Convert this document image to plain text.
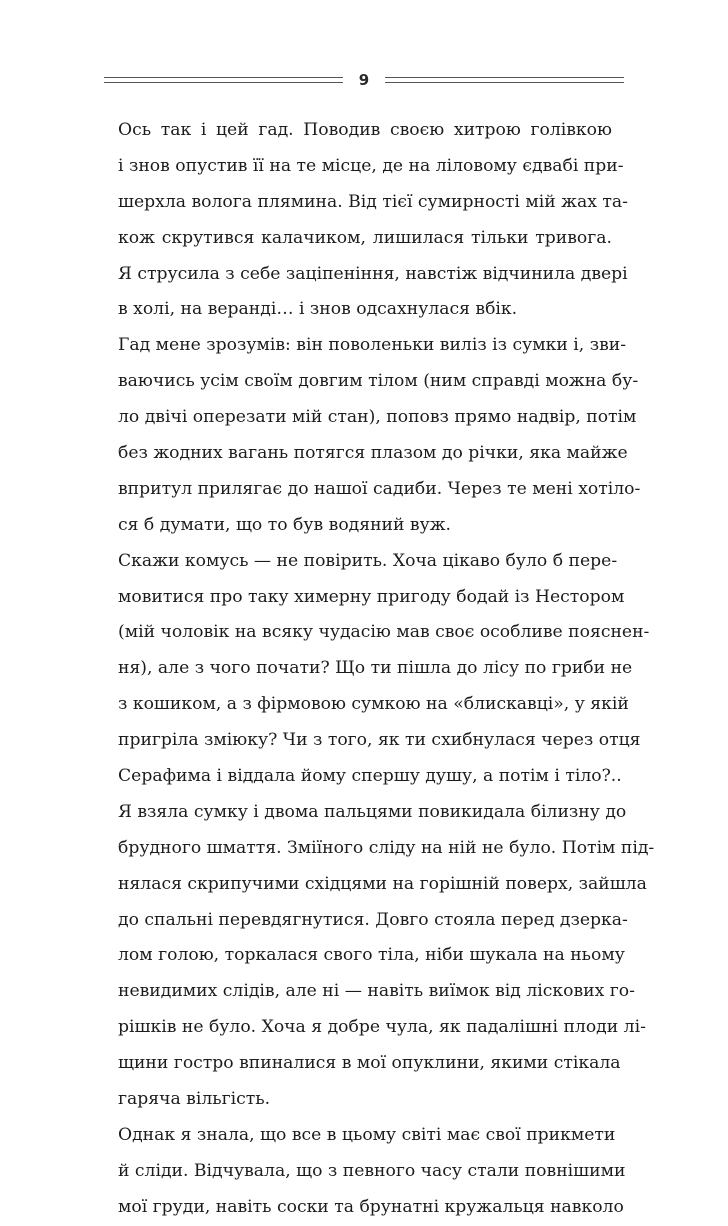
9
Ось так і цей гад. Поводив своєю хитрою голівкою
і знов опустив її на те місце, де на ліловому єдвабі при-
шерхла волога плямина. Від тієї сумирності мій жах та-
кож скрутився калачиком, лишилася тільки тривога.
Я струсила з себе заціпеніння, навстіж відчинила двері
в холі, на веранді… і знов одсахнулася вбік.
Гад мене зрозумів: він поволеньки виліз із сумки і, зви-
ваючись усім своїм довгим тілом (ним справді можна бу-
ло двічі оперезати мій стан), поповз прямо надвір, потім
без жодних вагань потягся плазом до річки, яка майже
впритул прилягає до нашої садиби. Через те мені хотіло-
ся б думати, що то був водяний вуж.
Скажи комусь — не повірить. Хоча цікаво було б пере-
мовитися про таку химерну пригоду бодай із Нестором
(мій чоловік на всяку чудасію мав своє особливе пояснен-
ня), але з чого почати? Що ти пішла до лісу по гриби не
з кошиком, а з фірмовою сумкою на «блискавці», у якій
пригріла змiюку? Чи з того, як ти схибнулася через отця
Серафима і віддала йому спершу душу, а потім і тіло?..
Я взяла сумку і двома пальцями повикидала білизну до
брудного шмаття. Зміїного сліду на ній не було. Потім під-
нялася скрипучими східцями на горішній поверх, зайшла
до спальні перевдягнутися. Довго стояла перед дзеркa-
лом голою, торкалася свого тіла, ніби шукала на ньому
невидимих слідів, але ні — навіть виїмок від ліскових го-
рішків не було. Хоча я добре чула, як падалішні плоди лі-
щини гостро впиналися в мої опуклини, якими стікала
гаряча вільгість.
Однак я знала, що все в цьому світі має свої прикмети
й сліди. Відчувала, що з певного часу стали повнішими
мої груди, навіть соски та брунатні кружальця навколо
